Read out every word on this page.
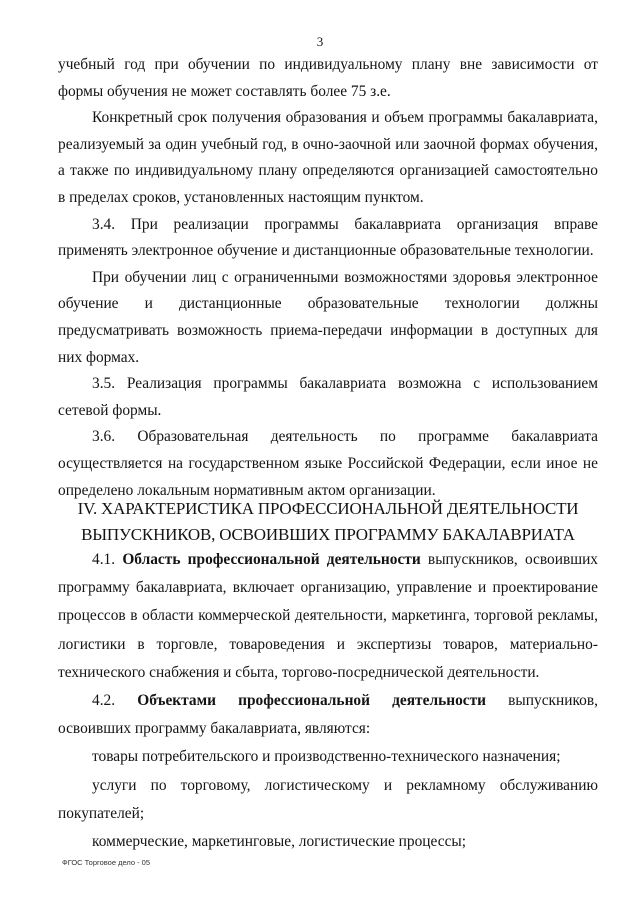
3

учебный год при обучении по индивидуальному плану вне зависимости от формы обучения не может составлять более 75 з.е.

Конкретный срок получения образования и объем программы бакалавриата, реализуемый за один учебный год, в очно-заочной или заочной формах обучения, а также по индивидуальному плану определяются организацией самостоятельно в пределах сроков, установленных настоящим пунктом.

3.4. При реализации программы бакалавриата организация вправе применять электронное обучение и дистанционные образовательные технологии.

При обучении лиц с ограниченными возможностями здоровья электронное обучение и дистанционные образовательные технологии должны предусматривать возможность приема-передачи информации в доступных для них формах.

3.5. Реализация программы бакалавриата возможна с использованием сетевой формы.

3.6. Образовательная деятельность по программе бакалавриата осуществляется на государственном языке Российской Федерации, если иное не определено локальным нормативным актом организации.

IV. ХАРАКТЕРИСТИКА ПРОФЕССИОНАЛЬНОЙ ДЕЯТЕЛЬНОСТИ
ВЫПУСКНИКОВ, ОСВОИВШИХ ПРОГРАММУ БАКАЛАВРИАТА

4.1. Область профессиональной деятельности выпускников, освоивших программу бакалавриата, включает организацию, управление и проектирование процессов в области коммерческой деятельности, маркетинга, торговой рекламы, логистики в торговле, товароведения и экспертизы товаров, материально-технического снабжения и сбыта, торгово-посреднической деятельности.

4.2. Объектами профессиональной деятельности выпускников, освоивших программу бакалавриата, являются:

товары потребительского и производственно-технического назначения;

услуги по торговому, логистическому и рекламному обслуживанию покупателей;

коммерческие, маркетинговые, логистические процессы;

ФГОС Торговое дело - 05
